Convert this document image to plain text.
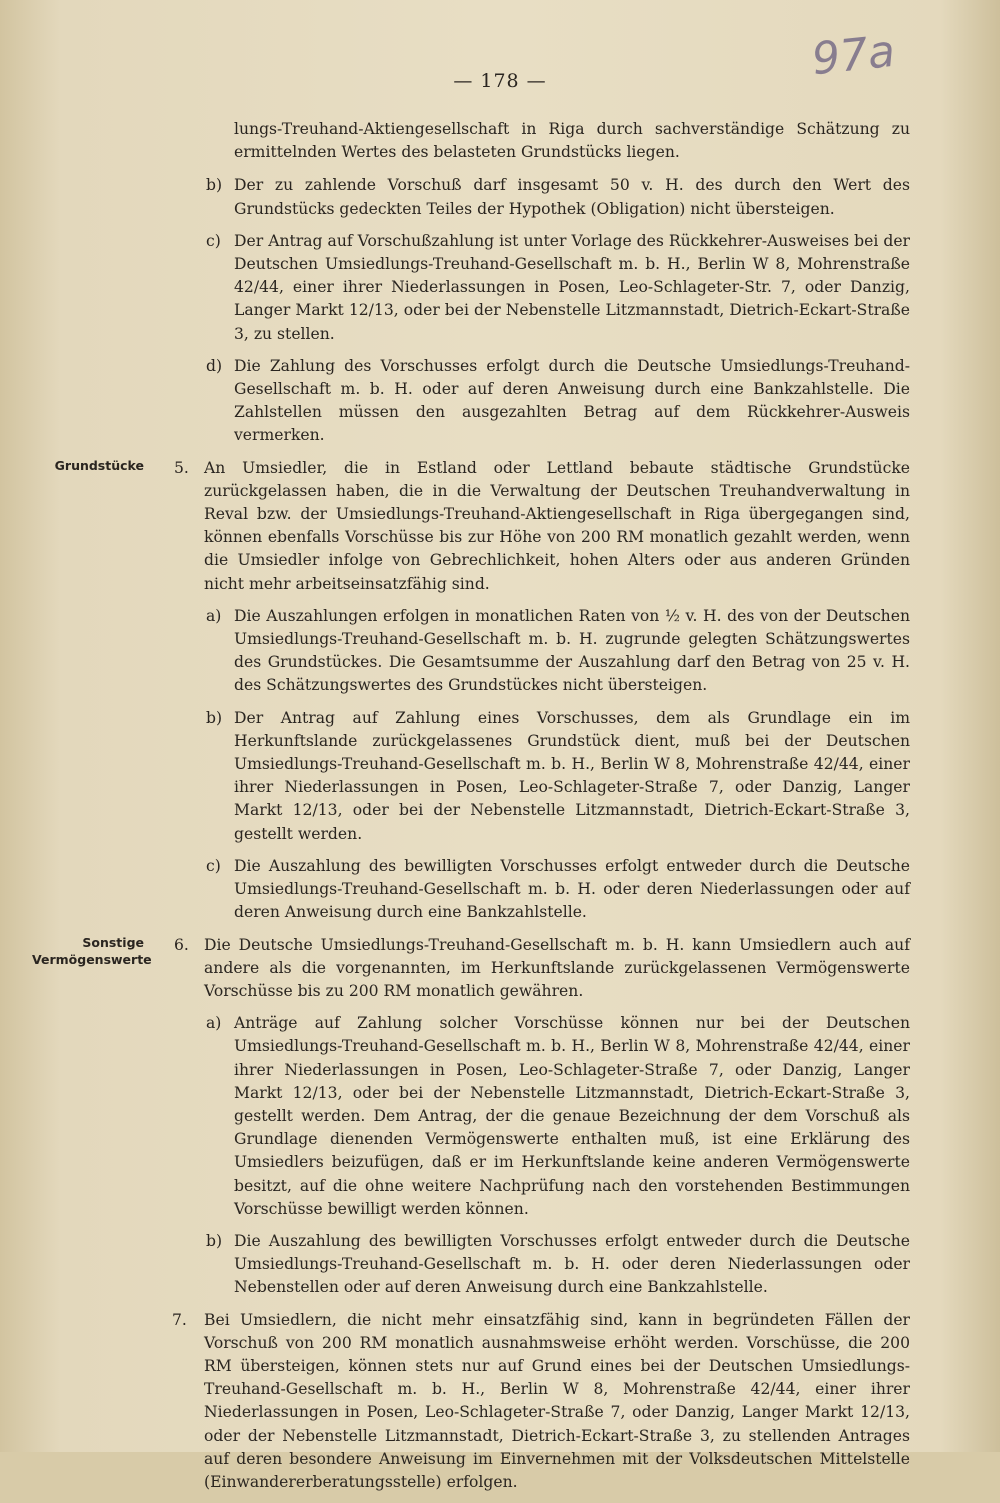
— 178 —	97a

lungs-Treuhand-Aktiengesellschaft in Riga durch sachverständige Schätzung zu ermittelnden Wertes des belasteten Grundstücks liegen.

b) Der zu zahlende Vorschuß darf insgesamt 50 v. H. des durch den Wert des Grundstücks gedeckten Teiles der Hypothek (Obligation) nicht übersteigen.
c) Der Antrag auf Vorschußzahlung ist unter Vorlage des Rückkehrer-Ausweises bei der Deutschen Umsiedlungs-Treuhand-Gesellschaft m. b. H., Berlin W 8, Mohrenstraße 42/44, einer ihrer Niederlassungen in Posen, Leo-Schlageter-Str. 7, oder Danzig, Langer Markt 12/13, oder bei der Nebenstelle Litzmannstadt, Dietrich-Eckart-Straße 3, zu stellen.
d) Die Zahlung des Vorschusses erfolgt durch die Deutsche Umsiedlungs-Treuhand-Gesellschaft m. b. H. oder auf deren Anweisung durch eine Bankzahlstelle. Die Zahlstellen müssen den ausgezahlten Betrag auf dem Rückkehrer-Ausweis vermerken.
Grundstücke 5. An Umsiedler, die in Estland oder Lettland bebaute städtische Grundstücke zurückgelassen haben, die in die Verwaltung der Deutschen Treuhandverwaltung in Reval bzw. der Umsiedlungs-Treuhand-Aktiengesellschaft in Riga übergegangen sind, können ebenfalls Vorschüsse bis zur Höhe von 200 RM monatlich gezahlt werden, wenn die Umsiedler infolge von Gebrechlichkeit, hohen Alters oder aus anderen Gründen nicht mehr arbeitseinsatzfähig sind.
a) Die Auszahlungen erfolgen in monatlichen Raten von ½ v. H. des von der Deutschen Umsiedlungs-Treuhand-Gesellschaft m. b. H. zugrunde gelegten Schätzungswertes des Grundstückes. Die Gesamtsumme der Auszahlung darf den Betrag von 25 v. H. des Schätzungswertes des Grundstückes nicht übersteigen.
b) Der Antrag auf Zahlung eines Vorschusses, dem als Grundlage ein im Herkunftslande zurückgelassenes Grundstück dient, muß bei der Deutschen Umsiedlungs-Treuhand-Gesellschaft m. b. H., Berlin W 8, Mohrenstraße 42/44, einer ihrer Niederlassungen in Posen, Leo-Schlageter-Straße 7, oder Danzig, Langer Markt 12/13, oder bei der Nebenstelle Litzmannstadt, Dietrich-Eckart-Straße 3, gestellt werden.
c) Die Auszahlung des bewilligten Vorschusses erfolgt entweder durch die Deutsche Umsiedlungs-Treuhand-Gesellschaft m. b. H. oder deren Niederlassungen oder auf deren Anweisung durch eine Bankzahlstelle.
Sonstige
Vermögenswerte
6. Die Deutsche Umsiedlungs-Treuhand-Gesellschaft m. b. H. kann Umsiedlern auch auf andere als die vorgenannten, im Herkunftslande zurückgelassenen Vermögenswerte Vorschüsse bis zu 200 RM monatlich gewähren.
a) Anträge auf Zahlung solcher Vorschüsse können nur bei der Deutschen Umsiedlungs-Treuhand-Gesellschaft m. b. H., Berlin W 8, Mohrenstraße 42/44, einer ihrer Niederlassungen in Posen, Leo-Schlageter-Straße 7, oder Danzig, Langer Markt 12/13, oder bei der Nebenstelle Litzmannstadt, Dietrich-Eckart-Straße 3, gestellt werden. Dem Antrag, der die genaue Bezeichnung der dem Vorschuß als Grundlage dienenden Vermögenswerte enthalten muß, ist eine Erklärung des Umsiedlers beizufügen, daß er im Herkunftslande keine anderen Vermögenswerte besitzt, auf die ohne weitere Nachprüfung nach den vorstehenden Bestimmungen Vorschüsse bewilligt werden können.
b) Die Auszahlung des bewilligten Vorschusses erfolgt entweder durch die Deutsche Umsiedlungs-Treuhand-Gesellschaft m. b. H. oder deren Niederlassungen oder Nebenstellen oder auf deren Anweisung durch eine Bankzahlstelle.
7. Bei Umsiedlern, die nicht mehr einsatzfähig sind, kann in begründeten Fällen der Vorschuß von 200 RM monatlich ausnahmsweise erhöht werden. Vorschüsse, die 200 RM übersteigen, können stets nur auf Grund eines bei der Deutschen Umsiedlungs-Treuhand-Gesellschaft m. b. H., Berlin W 8, Mohrenstraße 42/44, einer ihrer Niederlassungen in Posen, Leo-Schlageter-Straße 7, oder Danzig, Langer Markt 12/13, oder der Nebenstelle Litzmannstadt, Dietrich-Eckart-Straße 3, zu stellenden Antrages auf deren besondere Anweisung im Einvernehmen mit der Volksdeutschen Mittelstelle (Einwandererberatungsstelle) erfolgen.
